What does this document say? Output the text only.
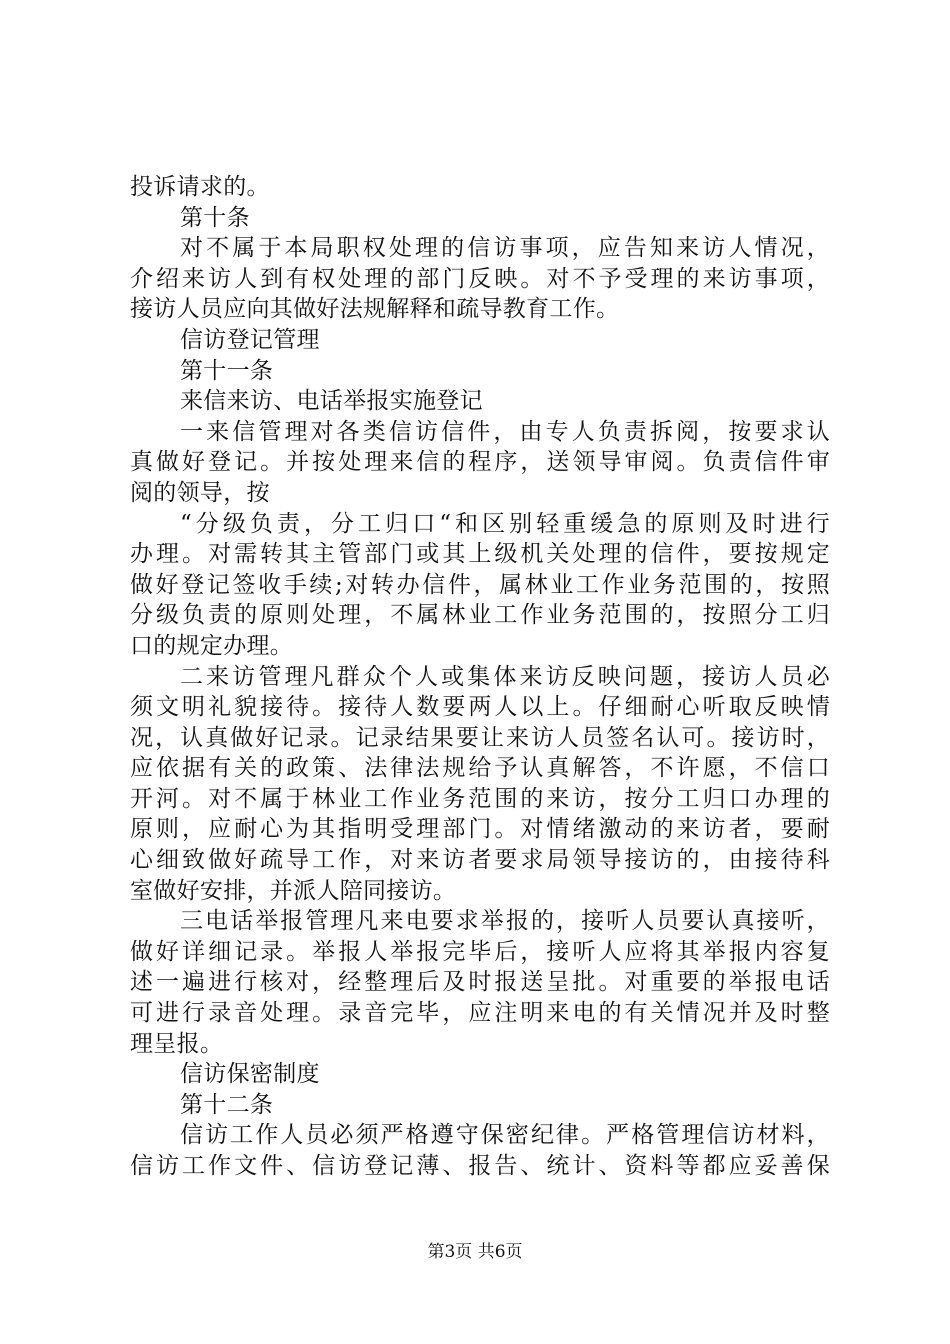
投诉请求的。
第十条
对不属于本局职权处理的信访事项，应告知来访人情况，
介绍来访人到有权处理的部门反映。对不予受理的来访事项，
接访人员应向其做好法规解释和疏导教育工作。
信访登记管理
第十一条
来信来访、电话举报实施登记
一来信管理对各类信访信件，由专人负责拆阅，按要求认
真做好登记。并按处理来信的程序，送领导审阅。负责信件审
阅的领导，按
“分级负责，分工归口“和区别轻重缓急的原则及时进行
办理。对需转其主管部门或其上级机关处理的信件，要按规定
做好登记签收手续;对转办信件，属林业工作业务范围的，按照
分级负责的原则处理，不属林业工作业务范围的，按照分工归
口的规定办理。
二来访管理凡群众个人或集体来访反映问题，接访人员必
须文明礼貌接待。接待人数要两人以上。仔细耐心听取反映情
况，认真做好记录。记录结果要让来访人员签名认可。接访时，
应依据有关的政策、法律法规给予认真解答，不许愿，不信口
开河。对不属于林业工作业务范围的来访，按分工归口办理的
原则，应耐心为其指明受理部门。对情绪激动的来访者，要耐
心细致做好疏导工作，对来访者要求局领导接访的，由接待科
室做好安排，并派人陪同接访。
三电话举报管理凡来电要求举报的，接听人员要认真接听，
做好详细记录。举报人举报完毕后，接听人应将其举报内容复
述一遍进行核对，经整理后及时报送呈批。对重要的举报电话
可进行录音处理。录音完毕，应注明来电的有关情况并及时整
理呈报。
信访保密制度
第十二条
信访工作人员必须严格遵守保密纪律。严格管理信访材料，
信访工作文件、信访登记薄、报告、统计、资料等都应妥善保
第3页 共6页
